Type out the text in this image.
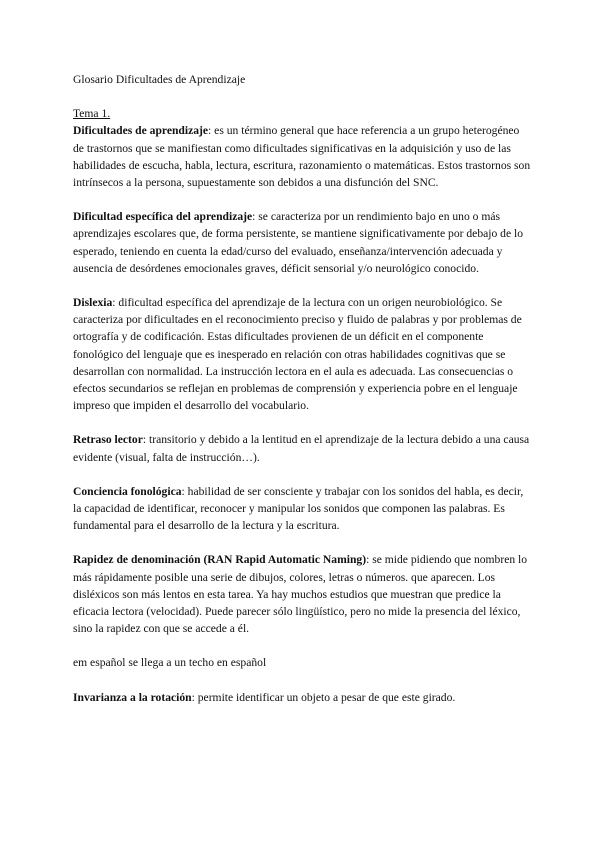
Glosario Dificultades de Aprendizaje

Tema 1.

Dificultades de aprendizaje: es un término general que hace referencia a un grupo heterogéneo de trastornos que se manifiestan como dificultades significativas en la adquisición y uso de las habilidades de escucha, habla, lectura, escritura, razonamiento o matemáticas. Estos trastornos son intrínsecos a la persona, supuestamente son debidos a una disfunción del SNC.

Dificultad específica del aprendizaje: se caracteriza por un rendimiento bajo en uno o más aprendizajes escolares que, de forma persistente, se mantiene significativamente por debajo de lo esperado, teniendo en cuenta la edad/curso del evaluado, enseñanza/intervención adecuada y ausencia de desórdenes emocionales graves, déficit sensorial y/o neurológico conocido.

Dislexia: dificultad específica del aprendizaje de la lectura con un origen neurobiológico. Se caracteriza por dificultades en el reconocimiento preciso y fluido de palabras y por problemas de ortografía y de codificación. Estas dificultades provienen de un déficit en el componente fonológico del lenguaje que es inesperado en relación con otras habilidades cognitivas que se desarrollan con normalidad. La instrucción lectora en el aula es adecuada. Las consecuencias o efectos secundarios se reflejan en problemas de comprensión y experiencia pobre en el lenguaje impreso que impiden el desarrollo del vocabulario.

Retraso lector: transitorio y debido a la lentitud en el aprendizaje de la lectura debido a una causa evidente (visual, falta de instrucción…).

Conciencia fonológica: habilidad de ser consciente y trabajar con los sonidos del habla, es decir, la capacidad de identificar, reconocer y manipular los sonidos que componen las palabras. Es fundamental para el desarrollo de la lectura y la escritura.

Rapidez de denominación (RAN Rapid Automatic Naming): se mide pidiendo que nombren lo más rápidamente posible una serie de dibujos, colores, letras o números. que aparecen. Los disléxicos son más lentos en esta tarea. Ya hay muchos estudios que muestran que predice la eficacia lectora (velocidad). Puede parecer sólo lingüístico, pero no mide la presencia del léxico, sino la rapidez con que se accede a él.

em español se llega a un techo en español

Invarianza a la rotación: permite identificar un objeto a pesar de que este girado.
